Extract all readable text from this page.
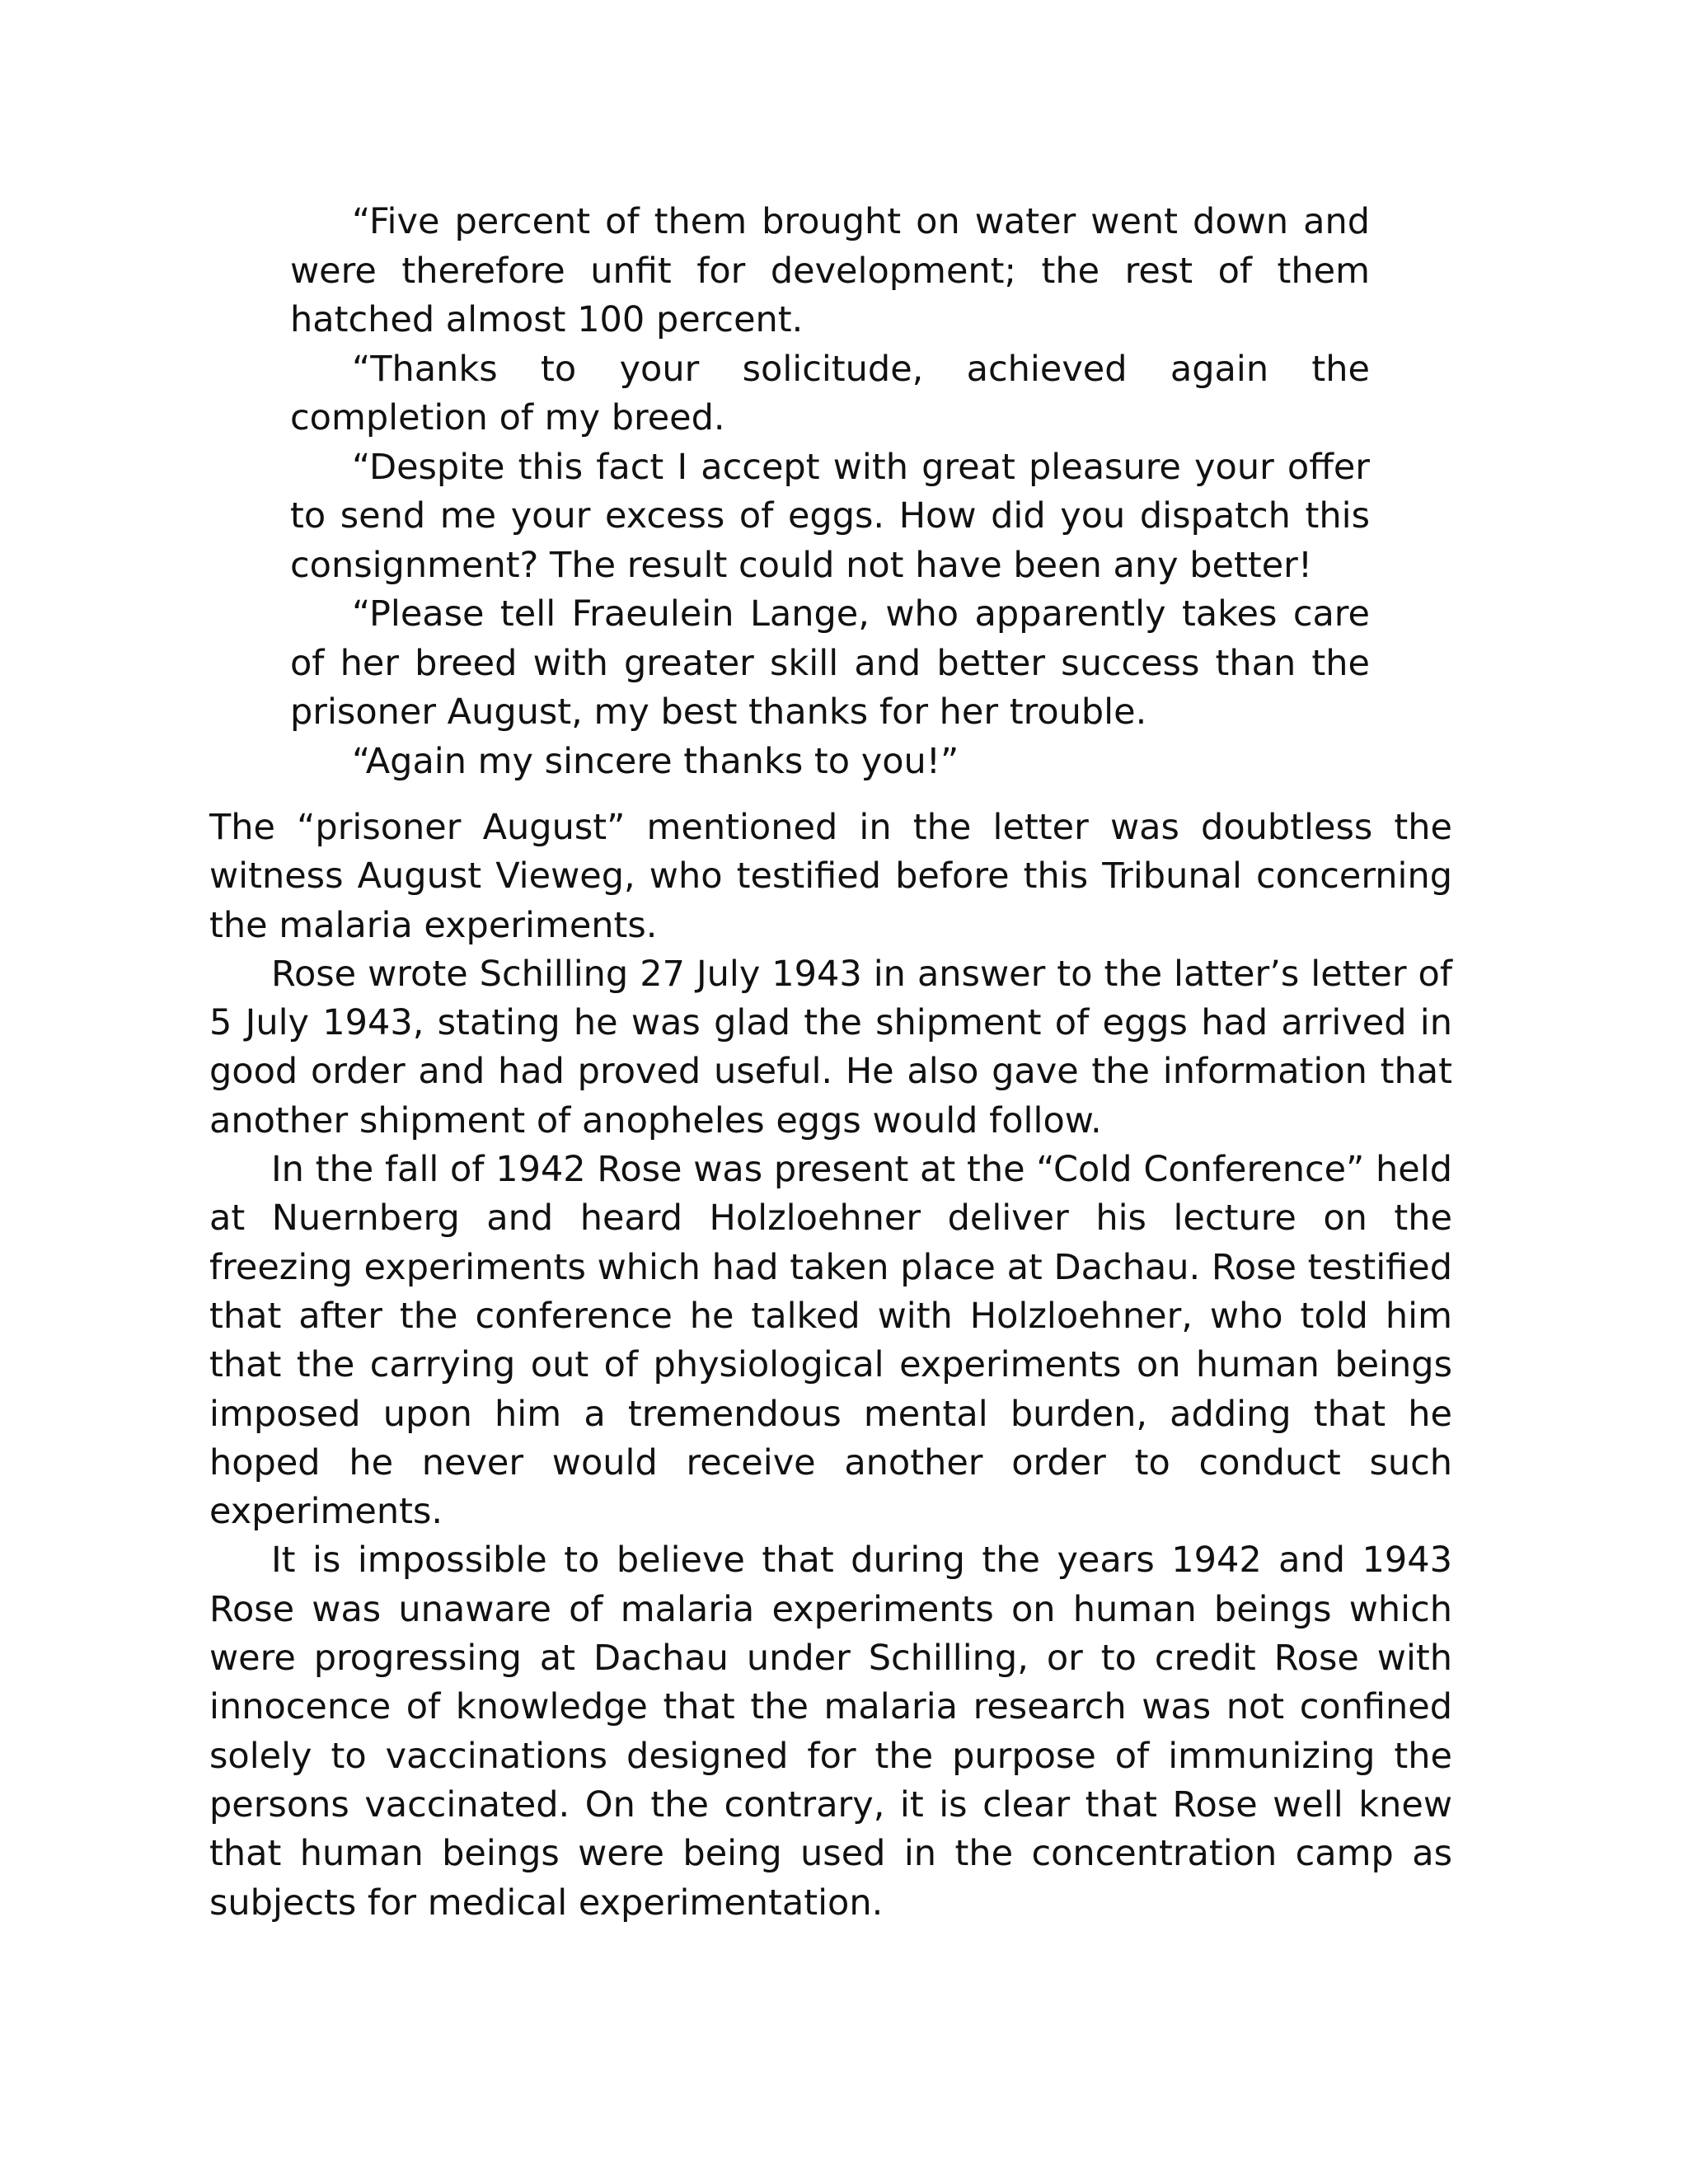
“Five percent of them brought on water went down and were therefore unfit for development; the rest of them hatched almost 100 percent.

“Thanks to your solicitude, achieved again the completion of my breed.

“Despite this fact I accept with great pleasure your offer to send me your excess of eggs. How did you dispatch this consignment? The result could not have been any better!

“Please tell Fraeulein Lange, who apparently takes care of her breed with greater skill and better success than the prisoner August, my best thanks for her trouble.

“Again my sincere thanks to you!”

The “prisoner August” mentioned in the letter was doubtless the witness August Vieweg, who testified before this Tribunal concerning the malaria experiments.

Rose wrote Schilling 27 July 1943 in answer to the latter’s letter of 5 July 1943, stating he was glad the shipment of eggs had arrived in good order and had proved useful. He also gave the information that another shipment of anopheles eggs would follow.

In the fall of 1942 Rose was present at the “Cold Conference” held at Nuernberg and heard Holzloehner deliver his lecture on the freezing experiments which had taken place at Dachau. Rose testified that after the conference he talked with Holzloehner, who told him that the carrying out of physiological experiments on human beings imposed upon him a tremendous mental burden, adding that he hoped he never would receive another order to conduct such experiments.

It is impossible to believe that during the years 1942 and 1943 Rose was unaware of malaria experiments on human beings which were progressing at Dachau under Schilling, or to credit Rose with innocence of knowledge that the malaria research was not confined solely to vaccinations designed for the purpose of immunizing the persons vaccinated. On the contrary, it is clear that Rose well knew that human beings were being used in the concentration camp as subjects for medical experimentation.
